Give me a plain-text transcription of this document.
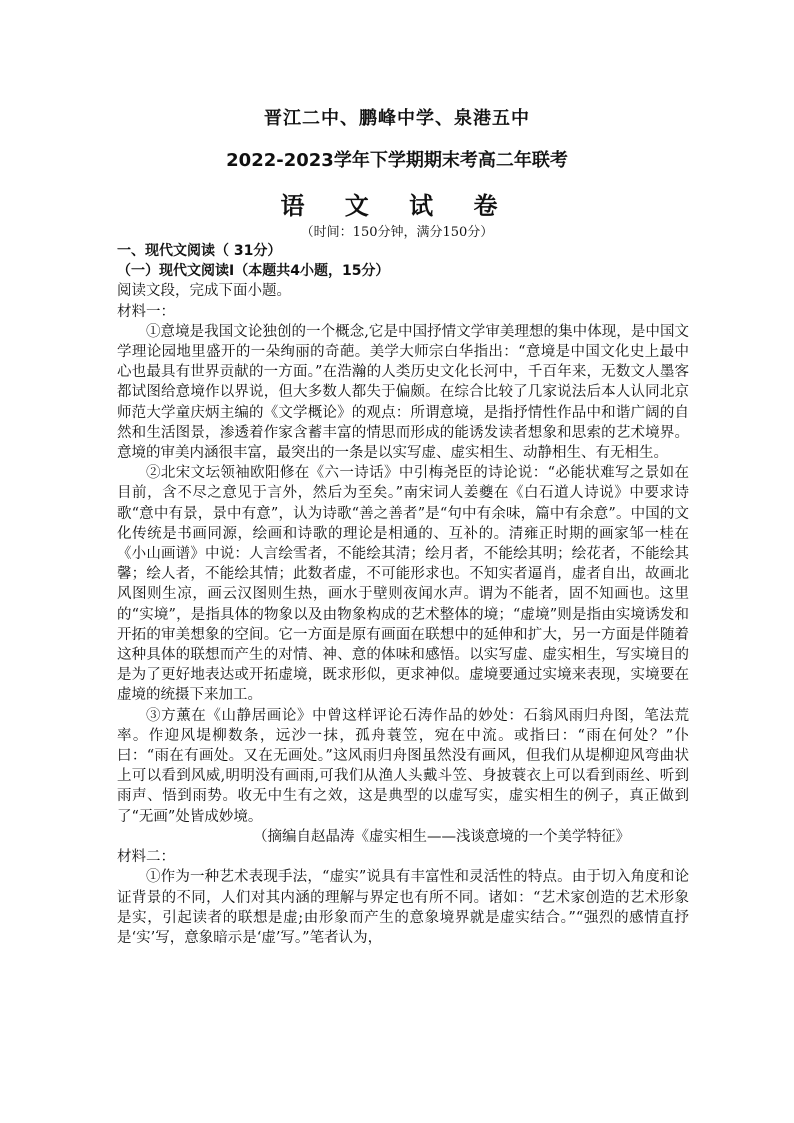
晋江二中、鹏峰中学、泉港五中
2022-2023学年下学期期末考高二年联考
语 文 试 卷
（时间：150分钟，满分150分）

一、现代文阅读（ 31分）

（一）现代文阅读Ⅰ（本题共4小题，15分）

阅读文段，完成下面小题。

材料一：

①意境是我国文论独创的一个概念,它是中国抒情文学审美理想的集中体现，是中国文学理论园地里盛开的一朵绚丽的奇葩。美学大师宗白华指出：“意境是中国文化史上最中心也最具有世界贡献的一方面。”在浩瀚的人类历史文化长河中，千百年来，无数文人墨客都试图给意境作以界说，但大多数人都失于偏颇。在综合比较了几家说法后本人认同北京师范大学童庆炳主编的《文学概论》的观点：所谓意境，是指抒情性作品中和谐广阔的自然和生活图景，渗透着作家含蓄丰富的情思而形成的能诱发读者想象和思索的艺术境界。意境的审美内涵很丰富，最突出的一条是以实写虚、虚实相生、动静相生、有无相生。

②北宋文坛领袖欧阳修在《六一诗话》中引梅尧臣的诗论说：“必能状难写之景如在目前，含不尽之意见于言外，然后为至矣。”南宋词人姜夔在《白石道人诗说》中要求诗歌“意中有景，景中有意”，认为诗歌“善之善者”是“句中有余味，篇中有余意”。中国的文化传统是书画同源，绘画和诗歌的理论是相通的、互补的。清雍正时期的画家邹一桂在《小山画谱》中说：人言绘雪者，不能绘其清；绘月者，不能绘其明；绘花者，不能绘其馨；绘人者，不能绘其情；此数者虚，不可能形求也。不知实者逼肖，虚者自出，故画北风图则生凉，画云汉图则生热，画水于壁则夜闻水声。谓为不能者，固不知画也。这里的“实境”，是指具体的物象以及由物象构成的艺术整体的境；“虚境”则是指由实境诱发和开拓的审美想象的空间。它一方面是原有画面在联想中的延伸和扩大，另一方面是伴随着这种具体的联想而产生的对情、神、意的体味和感悟。以实写虚、虚实相生，写实境目的是为了更好地表达或开拓虚境，既求形似，更求神似。虚境要通过实境来表现，实境要在虚境的统摄下来加工。

③方薰在《山静居画论》中曾这样评论石涛作品的妙处：石翁风雨归舟图，笔法荒率。作迎风堤柳数条，远沙一抹，孤舟蓑笠，宛在中流。或指曰：“雨在何处？”仆曰：“雨在有画处。又在无画处。”这风雨归舟图虽然没有画风，但我们从堤柳迎风弯曲状上可以看到风威,明明没有画雨,可我们从渔人头戴斗笠、身披蓑衣上可以看到雨丝、听到雨声、悟到雨势。收无中生有之效，这是典型的以虚写实，虚实相生的例子，真正做到了“无画”处皆成妙境。

（摘编自赵晶涛《虚实相生——浅谈意境的一个美学特征》

材料二：

①作为一种艺术表现手法，“虚实”说具有丰富性和灵活性的特点。由于切入角度和论证背景的不同，人们对其内涵的理解与界定也有所不同。诸如：“艺术家创造的艺术形象是实，引起读者的联想是虚;由形象而产生的意象境界就是虚实结合。”“强烈的感情直抒是‘实’写，意象暗示是‘虚’写。”笔者认为，
